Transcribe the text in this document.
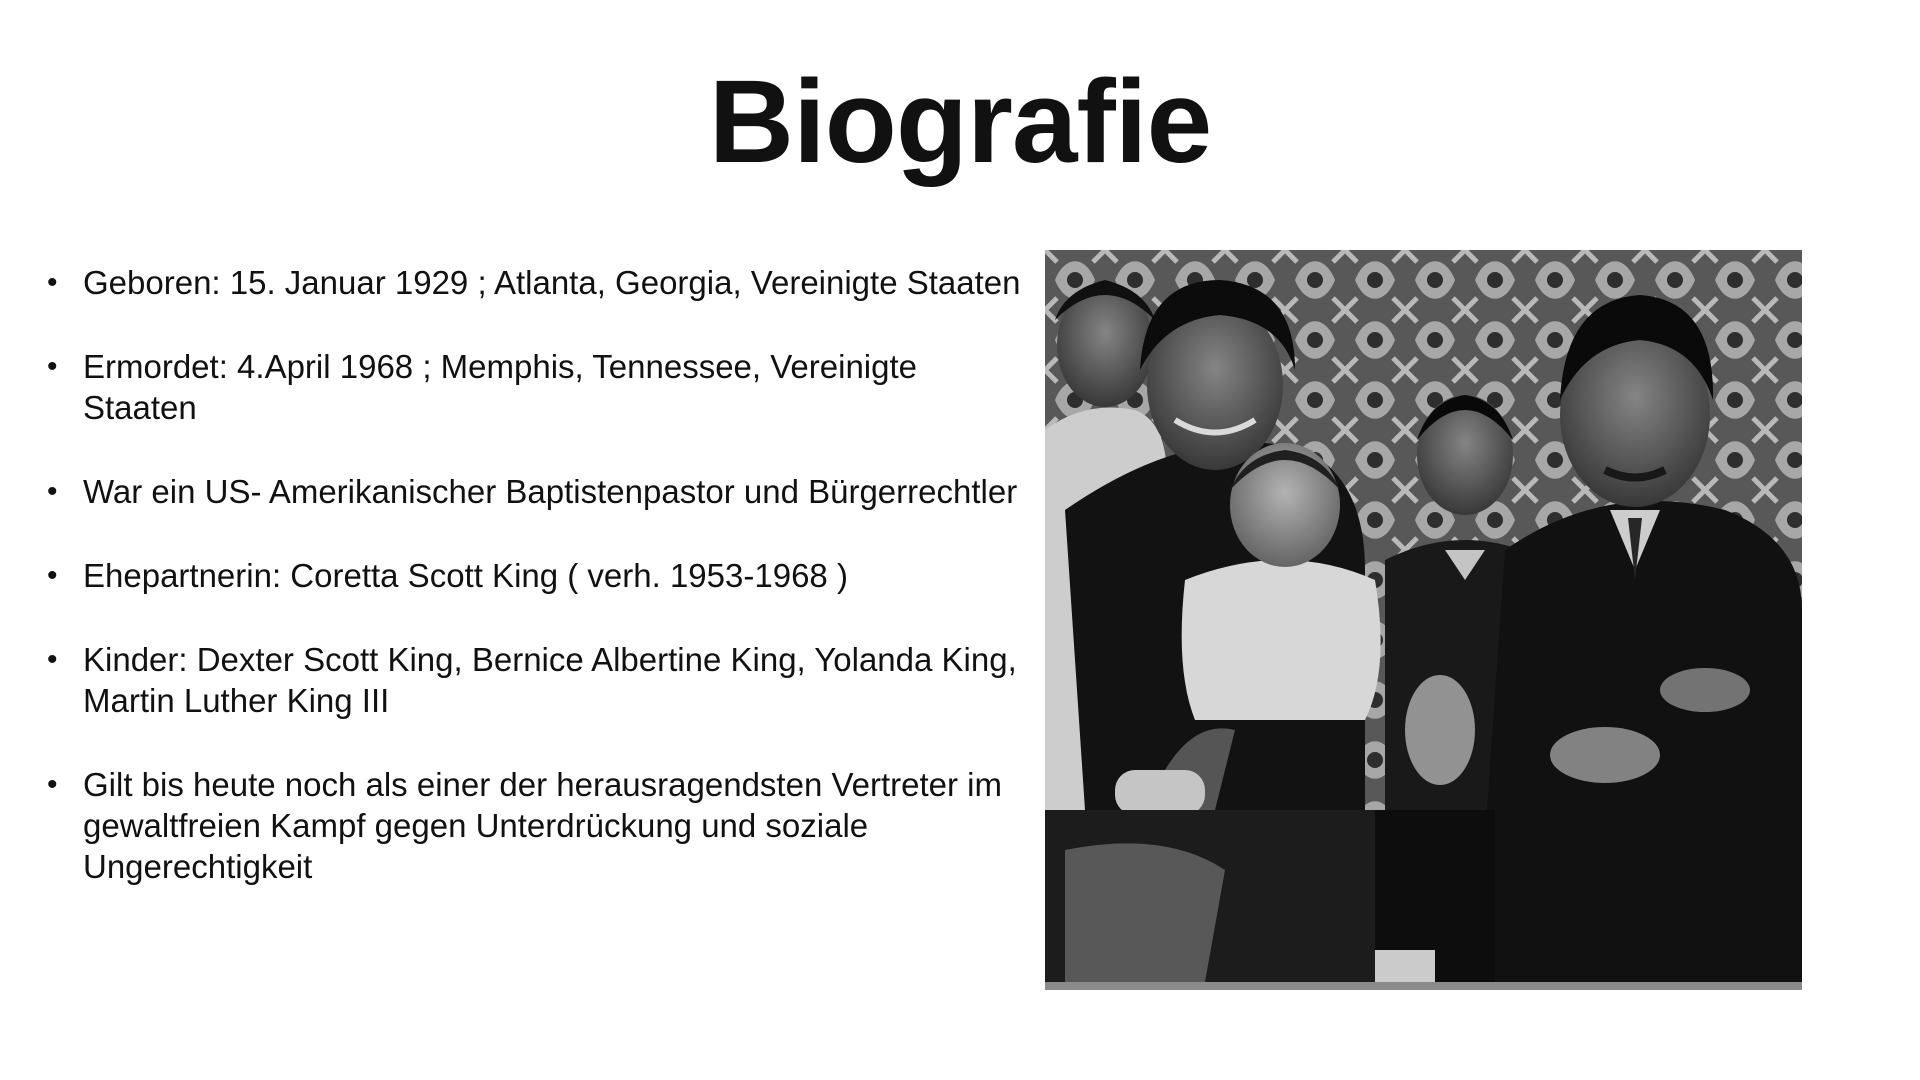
Biografie
• Geboren: 15. Januar 1929 ; Atlanta, Georgia, Vereinigte Staaten
• Ermordet: 4.April 1968 ; Memphis, Tennessee, Vereinigte Staaten
• War ein US- Amerikanischer Baptistenpastor und Bürgerrechtler
• Ehepartnerin: Coretta Scott King ( verh. 1953-1968 )
• Kinder: Dexter Scott King, Bernice Albertine King, Yolanda King, Martin Luther King III
• Gilt bis heute noch als einer der herausragendsten Vertreter im gewaltfreien Kampf gegen Unterdrückung und soziale Ungerechtigkeit
